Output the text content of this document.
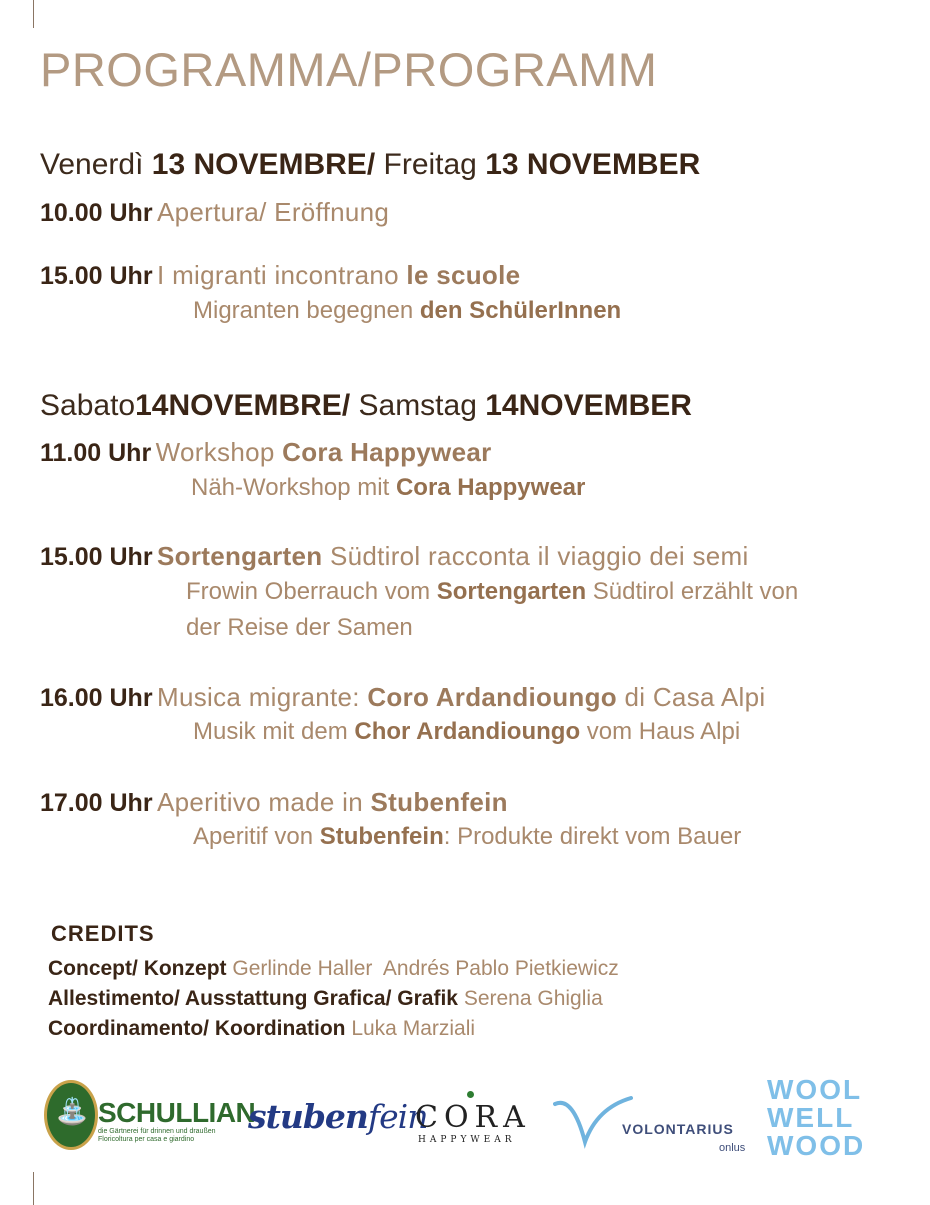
PROGRAMMA/PROGRAMM
Venerdì 13 NOVEMBRE/ Freitag 13 NOVEMBER
10.00 Uhr Apertura/ Eröffnung
15.00 Uhr I migranti incontrano le scuole
Migranten begegnen den SchülerInnen
Sabato14NOVEMBRE/ Samstag 14NOVEMBER
11.00 Uhr Workshop Cora Happywear
Näh-Workshop mit Cora Happywear
15.00 Uhr Sortengarten Südtirol racconta il viaggio dei semi
Frowin Oberrauch vom Sortengarten Südtirol erzählt von
der Reise der Samen
16.00 Uhr Musica migrante: Coro Ardandioungo di Casa Alpi
Musik mit dem Chor Ardandioungo vom Haus Alpi
17.00 Uhr Aperitivo made in Stubenfein
Aperitif von Stubenfein: Produkte direkt vom Bauer
CREDITS
Concept/ Konzept Gerlinde Haller  Andrés Pablo Pietkiewicz
Allestimento/ Ausstattung Grafica/ Grafik Serena Ghiglia
Coordinamento/ Koordination Luka Marziali
⛲ SCHULLIAN
die Gärtnerei für drinnen und draußen
Floricoltura per casa e giardino
stubenfein
CORA
HAPPYWEAR
VOLONTARIUS
onlus
WOOL
WELL
WOOD
